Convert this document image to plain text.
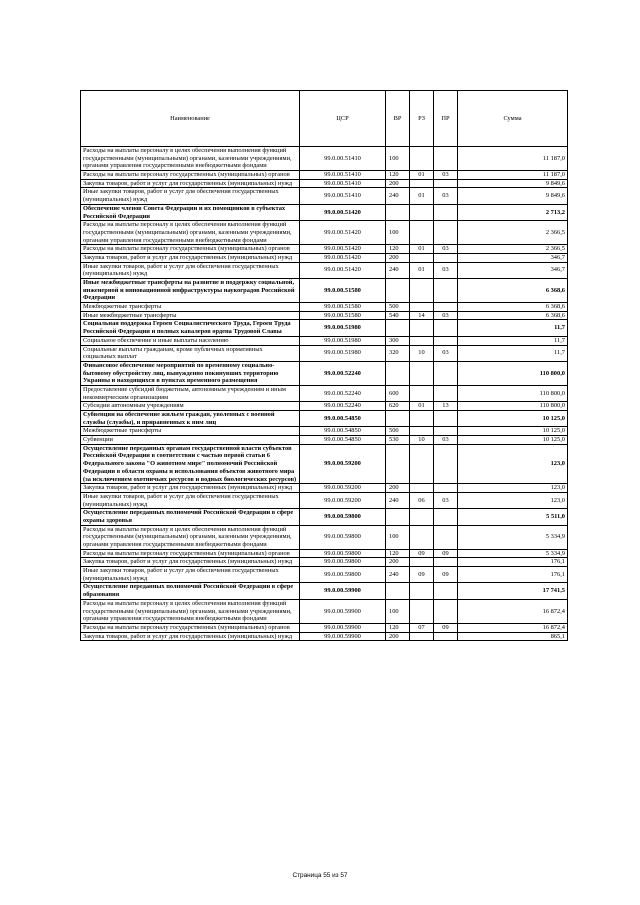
Наименование	ЦСР	ВР	РЗ	ПР	Сумма
Расходы на выплаты персоналу в целях обеспечения выполнения функций государственными (муниципальными) органами, казенными учреждениями, органами управления государственными внебюджетными фондами	99.0.00.51410	100			11 187,0
Расходы на выплаты персоналу государственных (муниципальных) органов	99.0.00.51410	120	01	03	11 187,0
Закупка товаров, работ и услуг для государственных (муниципальных) нужд	99.0.00.51410	200			9 849,6
Иные закупки товаров, работ и услуг для обеспечения государственных (муниципальных) нужд	99.0.00.51410	240	01	03	9 849,6
Обеспечение членов Совета Федерации и их помощников в субъектах Российской Федерации	99.0.00.51420				2 713,2
Расходы на выплаты персоналу в целях обеспечения выполнения функций государственными (муниципальными) органами, казенными учреждениями, органами управления государственными внебюджетными фондами	99.0.00.51420	100			2 366,5
Расходы на выплаты персоналу государственных (муниципальных) органов	99.0.00.51420	120	01	03	2 366,5
Закупка товаров, работ и услуг для государственных (муниципальных) нужд	99.0.00.51420	200			346,7
Иные закупки товаров, работ и услуг для обеспечения государственных (муниципальных) нужд	99.0.00.51420	240	01	03	346,7
Иные межбюджетные трансферты на развитие и поддержку социальной, инженерной и инновационной инфраструктуры наукоградов Российской Федерации	99.0.00.51580				6 368,6
Межбюджетные трансферты	99.0.00.51580	500			6 368,6
Иные межбюджетные трансферты	99.0.00.51580	540	14	03	6 368,6
Социальная поддержка Героев Социалистического Труда, Героев Труда Российской Федерации и полных кавалеров ордена Трудовой Славы	99.0.00.51980				11,7
Социальное обеспечение и иные выплаты населению	99.0.00.51980	300			11,7
Социальные выплаты гражданам, кроме публичных нормативных социальных выплат	99.0.00.51980	320	10	03	11,7
Финансовое обеспечение мероприятий по временному социально-бытовому обустройству лиц, вынужденно покинувших территорию Украины и находящихся в пунктах временного размещения	99.0.00.52240				110 800,0
Предоставление субсидий бюджетным, автономным учреждениям и иным некоммерческим организациям	99.0.00.52240	600			110 800,0
Субсидии автономным учреждениям	99.0.00.52240	620	01	13	110 800,0
Субвенции на обеспечение жильем граждан, уволенных с военной службы (службы), и приравненных к ним лиц	99.0.00.54850				10 125,0
Межбюджетные трансферты	99.0.00.54850	500			10 125,0
Субвенции	99.0.00.54850	530	10	03	10 125,0
Осуществление переданных органам государственной власти субъектов Российской Федерации в соответствии с частью первой статьи 6 Федерального закона "О животном мире" полномочий Российской Федерации в области охраны и использования объектов животного мира (за исключением охотничьих ресурсов и водных биологических ресурсов)	99.0.00.59200				123,0
Закупка товаров, работ и услуг для государственных (муниципальных) нужд	99.0.00.59200	200			123,0
Иные закупки товаров, работ и услуг для обеспечения государственных (муниципальных) нужд	99.0.00.59200	240	06	03	123,0
Осуществление переданных полномочий Российской Федерации в сфере охраны здоровья	99.0.00.59800				5 511,0
Расходы на выплаты персоналу в целях обеспечения выполнения функций государственными (муниципальными) органами, казенными учреждениями, органами управления государственными внебюджетными фондами	99.0.00.59800	100			5 334,9
Расходы на выплаты персоналу государственных (муниципальных) органов	99.0.00.59800	120	09	09	5 334,9
Закупка товаров, работ и услуг для государственных (муниципальных) нужд	99.0.00.59800	200			176,1
Иные закупки товаров, работ и услуг для обеспечения государственных (муниципальных) нужд	99.0.00.59800	240	09	09	176,1
Осуществление переданных полномочий Российской Федерации в сфере образования	99.0.00.59900				17 741,5
Расходы на выплаты персоналу в целях обеспечения выполнения функций государственными (муниципальными) органами, казенными учреждениями, органами управления государственными внебюджетными фондами	99.0.00.59900	100			16 872,4
Расходы на выплаты персоналу государственных (муниципальных) органов	99.0.00.59900	120	07	09	16 872,4
Закупка товаров, работ и услуг для государственных (муниципальных) нужд	99.0.00.59900	200			865,1
Страница 55 из 57
